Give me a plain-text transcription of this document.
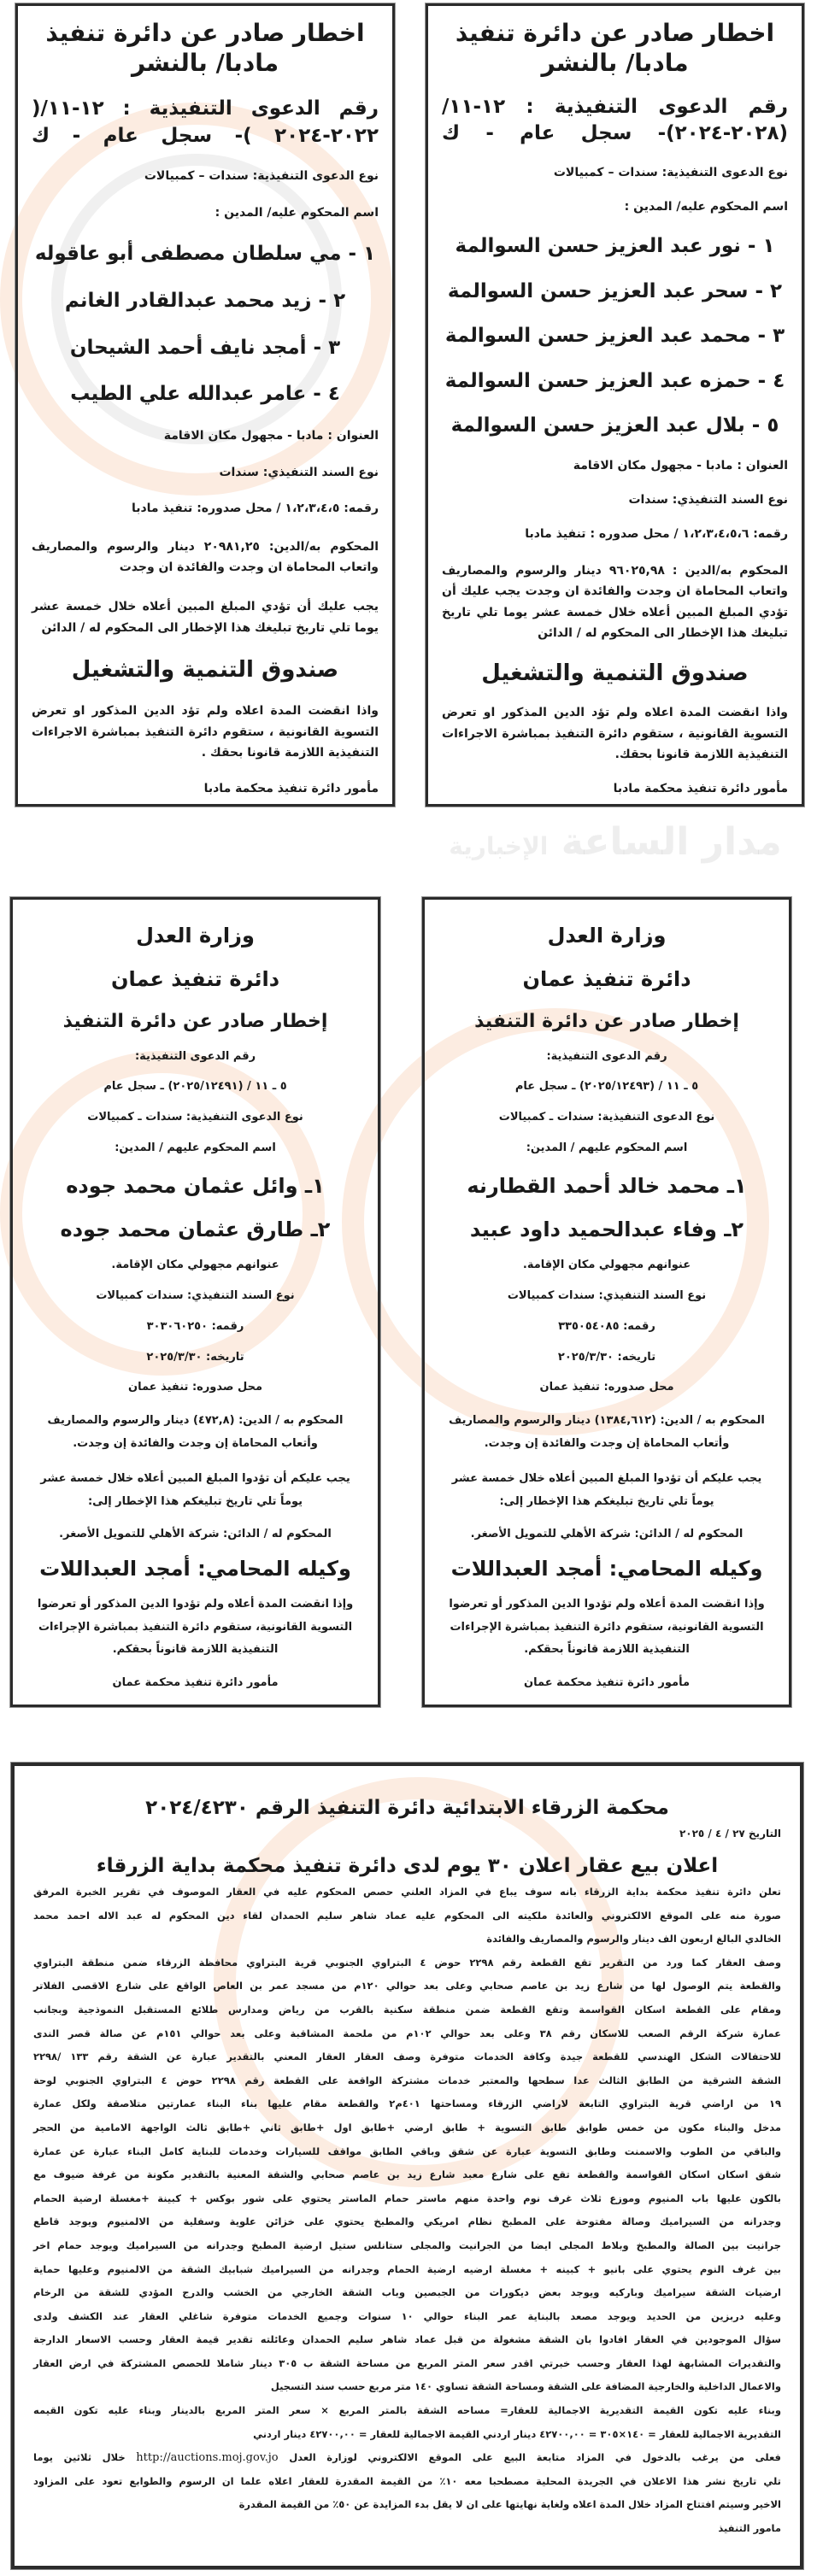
مدار الساعة الإخبارية
اخطار صادر عن دائرة تنفيذ
مادبا/ بالنشر
رقم الدعوى التنفيذية : ١٢-١١/
(٢٠٢٨-٢٠٢٤)- سجل عام - ك
نوع الدعوى التنفيذية: سندات – كمبيالات
اسم المحكوم عليه/ المدين :
١ - نور عبد العزيز حسن السوالمة
٢ - سحر عبد العزيز حسن السوالمة
٣ - محمد عبد العزيز حسن السوالمة
٤ - حمزه عبد العزيز حسن السوالمة
٥ - بلال عبد العزيز حسن السوالمة
العنوان : مادبا - مجهول مكان الاقامة
نوع السند التنفيذي: سندات
رقمه: ١،٢،٣،٤،٥،٦ / محل صدوره : تنفيذ مادبا
المحكوم به/الدين : ٩٦٠٢٥,٩٨ دينار والرسوم والمصاريف واتعاب المحاماة ان وجدت والفائدة ان وجدت يجب عليك أن تؤدي المبلغ المبين أعلاه خلال خمسة عشر يوما تلي تاريخ تبليغك هذا الإخطار الى المحكوم له / الدائن
صندوق التنمية والتشغيل
واذا انقضت المدة اعلاه ولم تؤد الدين المذكور او تعرض التسوية القانونية ، ستقوم دائرة التنفيذ بمباشرة الاجراءات التنفيذية اللازمة قانونا بحقك.
مأمور دائرة تنفيذ محكمة مادبا
اخطار صادر عن دائرة تنفيذ
مادبا/ بالنشر
رقم الدعوى التنفيذية : ١٢-١١/(
٢٠٢٢-٢٠٢٤ )- سجل عام - ك
نوع الدعوى التنفيذية: سندات – كمبيالات
اسم المحكوم عليه/ المدين :
١ - مي سلطان مصطفى أبو عاقوله
٢ - زيد محمد عبدالقادر الغانم
٣ - أمجد نايف أحمد الشيحان
٤ - عامر عبدالله علي الطيب
العنوان : مادبا - مجهول مكان الاقامة
نوع السند التنفيذي: سندات
رقمه: ١،٢،٣،٤،٥ / محل صدوره: تنفيذ مادبا
المحكوم به/الدين: ٢٠٩٨١,٢٥ دينار والرسوم والمصاريف واتعاب المحاماة ان وجدت والفائدة ان وجدت
يجب عليك أن تؤدي المبلغ المبين أعلاه خلال خمسة عشر يوما تلي تاريخ تبليغك هذا الإخطار الى المحكوم له / الدائن
صندوق التنمية والتشغيل
واذا انقضت المدة اعلاه ولم تؤد الدين المذكور او تعرض التسوية القانونية ، ستقوم دائرة التنفيذ بمباشرة الاجراءات التنفيذية اللازمة قانونا بحقك .
مأمور دائرة تنفيذ محكمة مادبا
وزارة العدل
دائرة تنفيذ عمان
إخطار صادر عن دائرة التنفيذ
رقم الدعوى التنفيذية:
٥ ـ ١١ / (٢٠٢٥/١٢٤٩٣) ـ سجل عام
نوع الدعوى التنفيذية: سندات ـ كمبيالات
اسم المحكوم عليهم / المدين:
١ـ محمد خالد أحمد القطارنه
٢ـ وفاء عبدالحميد داود عبيد
عنوانهم مجهولي مكان الإقامة.
نوع السند التنفيذي: سندات كمبيالات
رقمه: ٣٣٥٠٥٤٠٨٥
تاريخه: ٢٠٢٥/٣/٣٠
محل صدوره: تنفيذ عمان
المحكوم به / الدين: (١٣٨٤,٦١٢) دينار والرسوم والمصاريف وأتعاب المحاماة إن وجدت والفائدة إن وجدت.
يجب عليكم أن تؤدوا المبلغ المبين أعلاه خلال خمسة عشر يوماً تلي تاريخ تبليغكم هذا الإخطار إلى:
المحكوم له / الدائن: شركة الأهلي للتمويل الأصغر.
وكيله المحامي: أمجد العبداللات
وإذا انقضت المدة أعلاه ولم تؤدوا الدين المذكور أو تعرضوا التسوية القانونية، ستقوم دائرة التنفيذ بمباشرة الإجراءات التنفيذية اللازمة قانوناً بحقكم.
مأمور دائرة تنفيذ محكمة عمان
وزارة العدل
دائرة تنفيذ عمان
إخطار صادر عن دائرة التنفيذ
رقم الدعوى التنفيذية:
٥ ـ ١١ / (٢٠٢٥/١٢٤٩١) ـ سجل عام
نوع الدعوى التنفيذية: سندات ـ كمبيالات
اسم المحكوم عليهم / المدين:
١ـ وائل عثمان محمد جوده
٢ـ طارق عثمان محمد جوده
عنوانهم مجهولي مكان الإقامة.
نوع السند التنفيذي: سندات كمبيالات
رقمه: ٣٠٣٠٦٠٢٥٠
تاريخه: ٢٠٢٥/٣/٣٠
محل صدوره: تنفيذ عمان
المحكوم به / الدين: (٤٧٢,٨) دينار والرسوم والمصاريف وأتعاب المحاماة إن وجدت والفائدة إن وجدت.
يجب عليكم أن تؤدوا المبلغ المبين أعلاه خلال خمسة عشر يوماً تلي تاريخ تبليغكم هذا الإخطار إلى:
المحكوم له / الدائن: شركة الأهلي للتمويل الأصغر.
وكيله المحامي: أمجد العبداللات
وإذا انقضت المدة أعلاه ولم تؤدوا الدين المذكور أو تعرضوا التسوية القانونية، ستقوم دائرة التنفيذ بمباشرة الإجراءات التنفيذية اللازمة قانوناً بحقكم.
مأمور دائرة تنفيذ محكمة عمان
محكمة الزرقاء الابتدائية دائرة التنفيذ الرقم ٢٠٢٤/٤٢٣٠
التاريخ ٢٧ / ٤ / ٢٠٢٥
اعلان بيع عقار اعلان ٣٠ يوم لدى دائرة تنفيذ محكمة بداية الزرقاء
تعلن دائرة تنفيذ محكمة بداية الزرقاء بانه سوف يباع في المزاد العلني حصص المحكوم عليه في العقار الموصوف في تقرير الخبرة المرفق
صورة منه على الموقع الالكتروني والعائدة ملكيته الى المحكوم عليه عماد شاهر سليم الحمدان لقاء دين المحكوم له عبد الاله احمد محمد
الخالدي البالغ اربعون الف دينار والرسوم والمصاريف والفائدة
وصف العقار كما ورد من التقرير تقع القطعة رقم ٢٢٩٨ حوض ٤ البتراوي الجنوبي قرية البتراوي محافظة الزرقاء ضمن منطقة البتراوي
والقطعة يتم الوصول لها من شارع زيد بن عاصم صحابي وعلى بعد حوالي ١٢٠م من مسجد عمر بن العاص الواقع على شارع الاقصى الفلاتر
ومقام على القطعة اسكان القواسمة وتقع القطعة ضمن منطقة سكنية بالقرب من رياض ومدارس طلائع المستقبل النموذجية وبجانب
عمارة شركة الرقم الصعب للاسكان رقم ٣٨ وعلى بعد حوالي ١٠٢م من ملحمة المشاقبة وعلى بعد حوالي ١٥١م عن صالة قصر الندى
للاحتفالات الشكل الهندسي للقطعة جيدة وكافة الخدمات متوفرة وصف العقار العقار المعني بالتقدير عبارة عن الشقة رقم ١٣٣ /٢٢٩٨
الشقة الشرقية من الطابق الثالث عدا سطحها والمعتبر خدمات مشتركة الواقعة على القطعة رقم ٢٢٩٨ حوض ٤ البتراوي الجنوبي لوحة
١٩ من اراضي قرية البتراوي التابعة لاراضي الزرقاء ومساحتها ٤٠١م٢ والقطعة مقام عليها بناء البناء عمارتين متلاصقة ولكل عمارة
مدخل والبناء مكون من خمس طوابق طابق التسوية + طابق ارضي +طابق اول +طابق ثاني +طابق ثالث الواجهة الامامية من الحجر
والباقي من الطوب والاسمنت وطابق التسوية عبارة عن شقق وباقي الطابق مواقف للسيارات وخدمات للبناية كامل البناء عبارة عن عمارة
شقق اسكان اسكان القواسمة والقطعة تقع على شارع معبد شارع زيد بن عاصم صحابي والشقة المعنية بالتقدير مكونة من غرفة ضيوف مع
بالكون عليها باب المنيوم وموزع ثلاث غرف نوم واحدة منهم ماستر حمام الماستر يحتوي على شور بوكس + كبينة +مغسلة ارضية الحمام
وجدرانه من السيراميك وصالة مفتوحة على المطبخ نظام امريكي والمطبخ يحتوي على خزائن علوية وسفلية من الالمنيوم ويوجد قاطع
جرانيت بين الصالة والمطبخ وبلاط المجلى ايضا من الجرانيت والمجلى ستانلس ستيل ارضية المطبخ وجدرانه من السيراميك ويوجد حمام اخر
بين غرف النوم يحتوي على بانيو + كبينه + مغسلة ارضيه ارضية الحمام وجدرانه من السيراميك شبابيك الشقة من الالمنيوم وعليها حماية
ارضيات الشقة سيراميك وباركيه ويوجد بعض ديكورات من الجبصين وباب الشقة الخارجي من الخشب والدرج المؤدي للشقة من الرخام
وعليه دربزين من الحديد ويوجد مصعد بالبناية عمر البناء حوالي ١٠ سنوات وجميع الخدمات متوفرة شاغلي العقار عند الكشف ولدى
سؤال الموجودين في العقار افادوا بان الشقة مشغولة من قبل عماد شاهر سليم الحمدان وعائلته تقدير قيمة العقار وحسب الاسعار الدارجة
والتقديرات المشابهة لهذا العقار وحسب خبرتي اقدر سعر المتر المربع من مساحة الشقة ب ٣٠٥ دينار شاملا للحصص المشتركة في ارض العقار
والاعمال الداخلية والخارجية المضافة على الشقة ومساحة الشقة تساوي ١٤٠ متر مربع حسب سند التسجيل
وبناء عليه تكون القيمة التقديرية الاجمالية للعقار= مساحه الشقة بالمتر المربع × سعر المتر المربع بالدينار وبناء عليه تكون القيمه
التقديرية الاجمالية للعقار = ١٤٠×٣٠٥ = ٤٢٧٠٠,٠٠ دينار اردني القيمة الاجمالية للعقار = ٤٢٧٠٠,٠٠ دينار اردني
فعلى من يرغب بالدخول في المزاد متابعة البيع على الموقع الالكتروني لوزارة العدل http://auctions.moj.gov.jo خلال ثلاثين يوما
تلي تاريخ نشر هذا الاعلان في الجريدة المحلية مصطحبا معه ١٠٪ من القيمة المقدرة للعقار اعلاه علما ان الرسوم والطوابع تعود على المزاود
الاخير وسيتم افتتاح المزاد خلال المدة اعلاه ولغاية نهايتها على ان لا يقل بدء المزايدة عن ٥٠٪ من القيمة المقدرة
مامور التنفيذ
